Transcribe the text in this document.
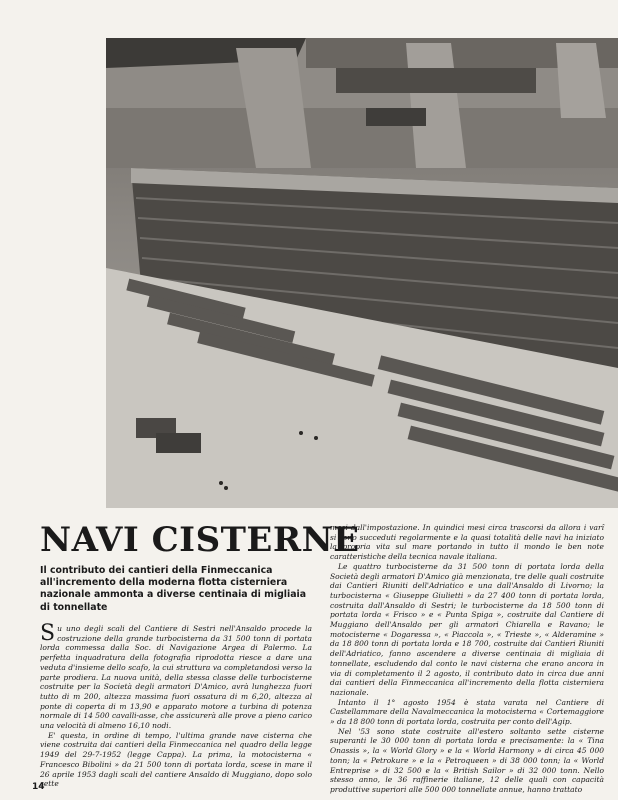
NAVI CISTERNE

Il contributo dei cantieri della Finmeccanica all'incremento della moderna flotta cisterniera nazionale ammonta a diverse centinaia di migliaia di tonnellate

Su uno degli scali del Cantiere di Sestri nell'Ansaldo procede la costruzione della grande turbocisterna da 31 500 tonn di portata lorda commessa dalla Soc. di Navigazione Argea di Palermo. La perfetta inquadratura della fotografia riprodotta riesce a dare una veduta d'insieme dello scafo, la cui struttura va completandosi verso la parte prodiera. La nuova unità, della stessa classe delle turbocisterne costruite per la Società degli armatori D'Amico, avrà lunghezza fuori tutto di m 200, altezza massima fuori ossatura di m 6,20, altezza al ponte di coperta di m 13,90 e apparato motore a turbina di potenza normale di 14 500 cavalli-asse, che assicurerà alle prove a pieno carico una velocità di almeno 16,10 nodi.

E' questa, in ordine di tempo, l'ultima grande nave cisterna che viene costruita dai cantieri della Finmeccanica nel quadro della legge 1949 del 29-7-1952 (legge Cappa). La prima, la motocisterna « Francesco Bibolini » da 21 500 tonn di portata lorda, scese in mare il 26 aprile 1953 dagli scali del cantiere Ansaldo di Muggiano, dopo solo sette

mesi dall'impostazione. In quindici mesi circa trascorsi da allora i varî si sono succeduti regolarmente e la quasi totalità delle navi ha iniziato la propria vita sul mare portando in tutto il mondo le ben note caratteristiche della tecnica navale italiana.

Le quattro turbocisterne da 31 500 tonn di portata lorda della Società degli armatori D'Amico già menzionata, tre delle quali costruite dai Cantieri Riuniti dell'Adriatico e una dall'Ansaldo di Livorno; la turbocisterna « Giuseppe Giulietti » da 27 400 tonn di portata lorda, costruita dall'Ansaldo di Sestri; le turbocisterne da 18 500 tonn di portata lorda « Frisco » e « Punta Spiga », costruite dal Cantiere di Muggiano dell'Ansaldo per gli armatori Chiarella e Ravano; le motocisterne « Dogaressa », « Piaccola », « Trieste », « Alderamine » da 18 800 tonn di portata lorda e 18 700, costruite dai Cantieri Riuniti dell'Adriatico, fanno ascendere a diverse centinaia di migliaia di tonnellate, escludendo dal conto le navi cisterna che erano ancora in via di completamento il 2 agosto, il contributo dato in circa due anni dai cantieri della Finmeccanica all'incremento della flotta cisterniera nazionale.

Intanto il 1° agosto 1954 è stata varata nel Cantiere di Castellammare della Navalmeccanica la motocisterna « Cortemaggiore » da 18 800 tonn di portata lorda, costruita per conto dell'Agip.

Nel '53 sono state costruite all'estero soltanto sette cisterne superanti le 30 000 tonn di portata lorda e precisamente: la « Tina Onassis », la « World Glory » e la « World Harmony » di circa 45 000 tonn; la « Petrokure » e la « Petroqueen » di 38 000 tonn; la « World Entreprise » di 32 500 e la « British Sailor » di 32 000 tonn. Nello stesso anno, le 36 raffinerie italiane, 12 delle quali con capacità produttive superiori alle 500 000 tonnellate annue, hanno trattato

14
